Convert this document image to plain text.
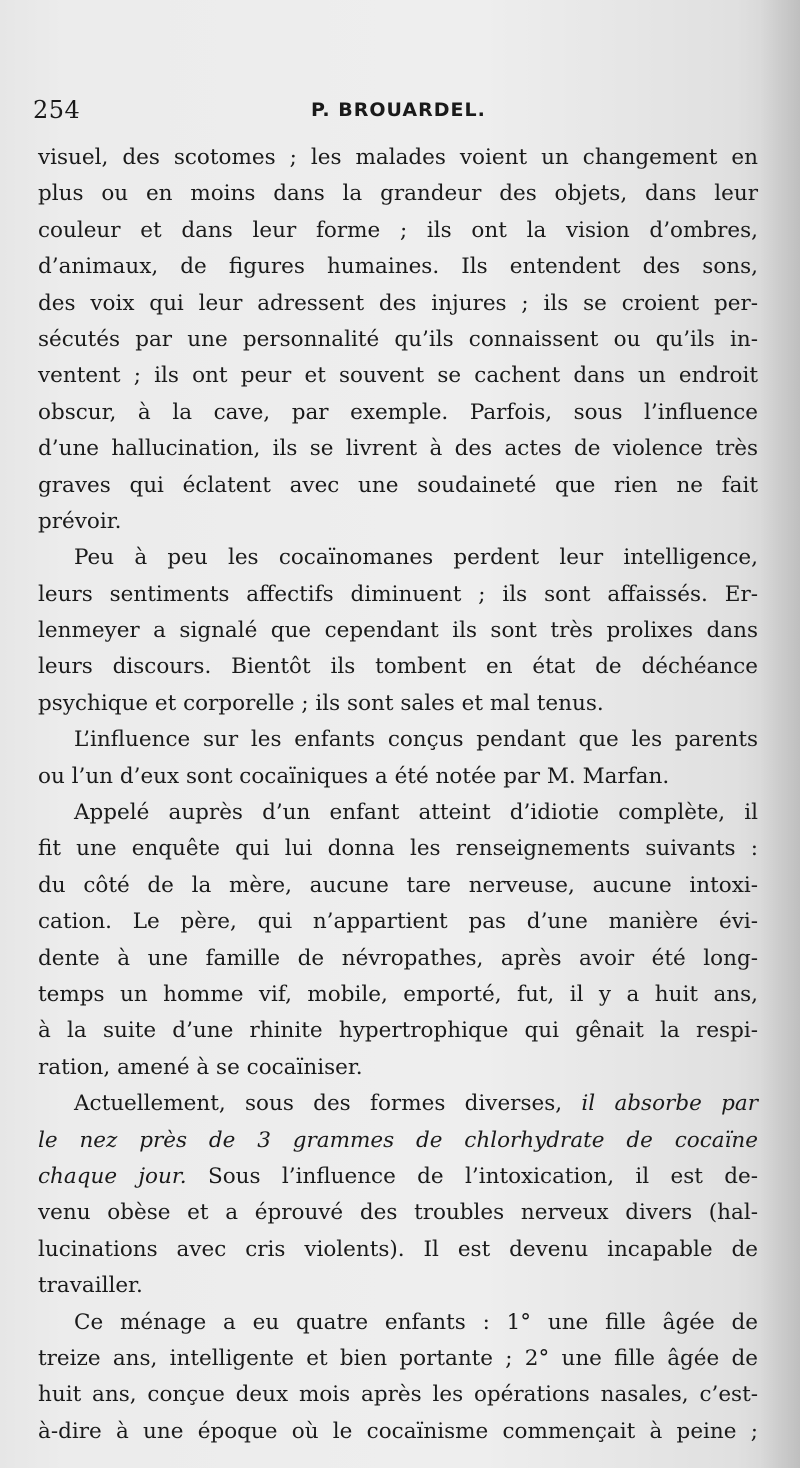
254	P. BROUARDEL.
visuel, des scotomes ; les malades voient un changement en
plus ou en moins dans la grandeur des objets, dans leur
couleur et dans leur forme ; ils ont la vision d’ombres,
d’animaux, de figures humaines. Ils entendent des sons,
des voix qui leur adressent des injures ; ils se croient per-
sécutés par une personnalité qu’ils connaissent ou qu’ils in-
ventent ; ils ont peur et souvent se cachent dans un endroit
obscur, à la cave, par exemple. Parfois, sous l’influence
d’une hallucination, ils se livrent à des actes de violence très
graves qui éclatent avec une soudaineté que rien ne fait
prévoir.
Peu à peu les cocaïnomanes perdent leur intelligence,
leurs sentiments affectifs diminuent ; ils sont affaissés. Er-
lenmeyer a signalé que cependant ils sont très prolixes dans
leurs discours. Bientôt ils tombent en état de déchéance
psychique et corporelle ; ils sont sales et mal tenus.
L’influence sur les enfants conçus pendant que les parents
ou l’un d’eux sont cocaïniques a été notée par M. Marfan.
Appelé auprès d’un enfant atteint d’idiotie complète, il
fit une enquête qui lui donna les renseignements suivants :
du côté de la mère, aucune tare nerveuse, aucune intoxi-
cation. Le père, qui n’appartient pas d’une manière évi-
dente à une famille de névropathes, après avoir été long-
temps un homme vif, mobile, emporté, fut, il y a huit ans,
à la suite d’une rhinite hypertrophique qui gênait la respi-
ration, amené à se cocaïniser.
Actuellement, sous des formes diverses, il absorbe par
le nez près de 3 grammes de chlorhydrate de cocaïne
chaque jour. Sous l’influence de l’intoxication, il est de-
venu obèse et a éprouvé des troubles nerveux divers (hal-
lucinations avec cris violents). Il est devenu incapable de
travailler.
Ce ménage a eu quatre enfants : 1° une fille âgée de
treize ans, intelligente et bien portante ; 2° une fille âgée de
huit ans, conçue deux mois après les opérations nasales, c’est-
à-dire à une époque où le cocaïnisme commençait à peine ;
